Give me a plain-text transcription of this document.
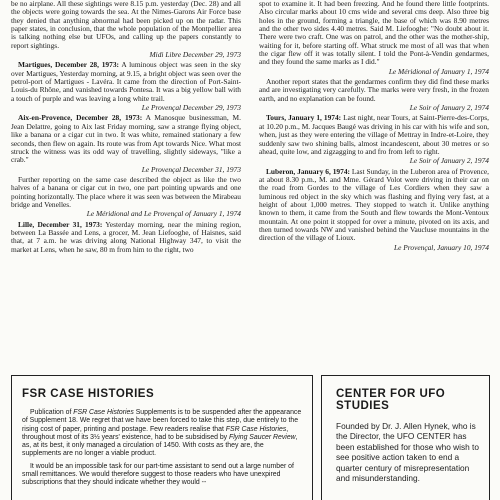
be no airplane. All these sightings were 8.15 p.m. yesterday (Dec. 28) and all the objects were going towards the sea. At the Nimes-Garons Air Force base they denied that anything abnormal had been picked up on the radar. This paper states, in conclusion, that the whole population of the Montpellier area is talking nothing else but UFOs, and calling up the papers constantly to report sightings.

Midi Libre December 29, 1973

Martigues, December 28, 1973: A luminous object was seen in the sky over Martigues, Yesterday morning, at 9.15, a bright object was seen over the petrol-port of Martigues - Lavéra. It came from the direction of Port-Saint-Louis-du Rhône, and vanished towards Pontesa. It was a big yellow ball with a touch of purple and was leaving a long white trail.

Le Provençal December 29, 1973

Aix-en-Provence, December 28, 1973: A Manosque businessman, M. Jean Delattre, going to Aix last Friday morning, saw a strange flying object, like a banana or a cigar cut in two. It was white, remained stationary a few seconds, then flew on again. Its route was from Apt towards Nice. What most struck the witness was its odd way of travelling, slightly sideways, "like a crab."

Le Provençal December 31, 1973

Further reporting on the same case described the object as like the two halves of a banana or cigar cut in two, one part pointing upwards and one pointing horizontally. The place where it was seen was between the Mirabeau bridge and Venelles.

Le Méridional and Le Provençal of January 1, 1974

Lille, December 31, 1973: Yesterday morning, near the mining region, between La Bassée and Lens, a grocer, M. Jean Liefooghe, of Haisnes, said that, at 7 a.m. he was driving along National Highway 347, to visit the market at Lens, when he saw, 80 m from him to the right, two

spot to examine it. It had been freezing. And he found there little footprints. Also circular marks about 10 cms wide and several cms deep. Also three big holes in the ground, forming a triangle, the base of which was 8.90 metres and the other two sides 4.40 metres. Said M. Liefooghe: "No doubt about it. There were two craft. One was on patrol, and the other was the mother-ship, waiting for it, before starting off. What struck me most of all was that when the cigar flew off it was totally silent. I told the Pont-à-Vendin gendarmes, and they found the same marks as I did."

Le Méridional of January 1, 1974

Another report states that the gendarmes confirm they did find these marks and are investigating very carefully. The marks were very fresh, in the frozen earth, and no explanation can be found.

Le Soir of January 2, 1974

Tours, January 1, 1974: Last night, near Tours, at Saint-Pierre-des-Corps, at 10.20 p.m., M. Jacques Baugé was driving in his car with his wife and son, when, just as they were entering the village of Mettray in Indre-et-Loire, they suddenly saw two shining balls, almost incandescent, about 30 metres or so ahead, quite low, and zigzagging to and fro from left to right.

Le Soir of January 2, 1974

Luberon, January 6, 1974: Last Sunday, in the Luberon area of Provence, at about 8.30 p.m., M. and Mme. Gérard Volot were driving in their car on the road from Gordes to the village of Les Cordiers when they saw a luminous red object in the sky which was flashing and flying very fast, at a height of about 1,000 metres. They stopped to watch it. Unlike anything known to them, it came from the South and flew towards the Mont-Ventoux mountain. At one point it stopped for over a minute, pivoted on its axis, and then turned towards NW and vanished behind the Vaucluse mountains in the direction of the village of Lioux.

Le Provençal, January 10, 1974

FSR CASE HISTORIES

Publication of FSR Case Histories Supplements is to be suspended after the appearance of Supplement 18. We regret that we have been forced to take this step, due entirely to the rising cost of paper, printing and postage. Few readers realise that FSR Case Histories, throughout most of its 3½ years' existence, had to be subsidised by Flying Saucer Review, as, at its best, it only managed a circulation of 1450. With costs as they are, the supplements are no longer a viable product.

It would be an impossible task for our part-time assistant to send out a large number of small remittances. We would therefore suggest to those readers who have unexpired subscriptions that they should indicate whether they would --

CENTER FOR UFO STUDIES

Founded by Dr. J. Allen Hynek, who is the Director, the UFO CENTER has been established for those who wish to see positive action taken to end a quarter century of misrepresentation and misunderstanding.
